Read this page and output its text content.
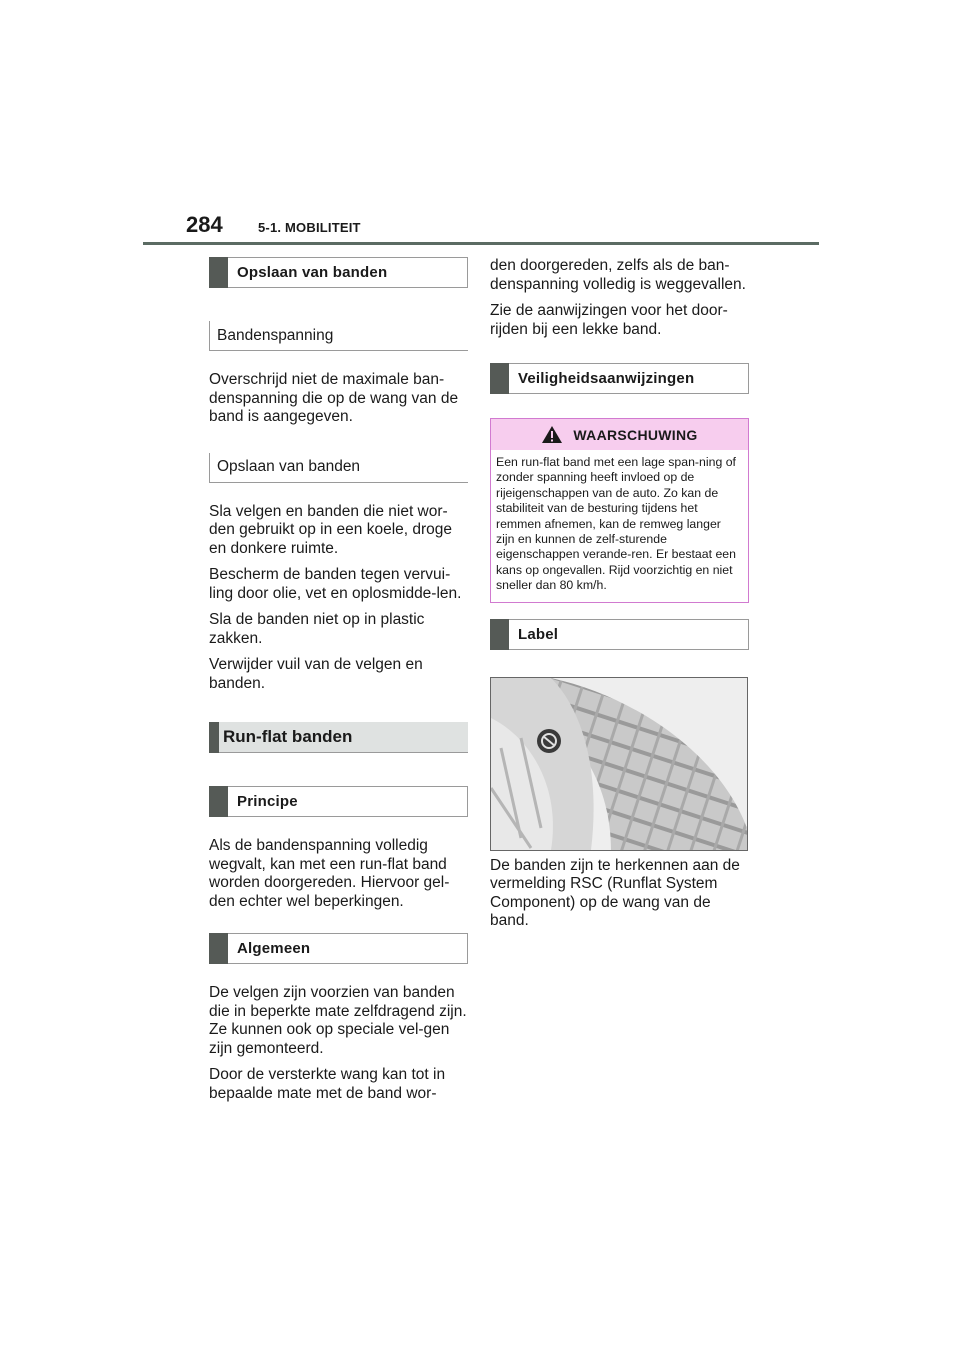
284	5-1. MOBILITEIT
Opslaan van banden
Bandenspanning

Overschrijd niet de maximale ban-denspanning die op de wang van de band is aangegeven.

Opslaan van banden

Sla velgen en banden die niet wor-den gebruikt op in een koele, droge en donkere ruimte.

Bescherm de banden tegen vervui-ling door olie, vet en oplosmidde-len.

Sla de banden niet op in plastic zakken.

Verwijder vuil van de velgen en banden.

Run-flat banden
Principe

Als de bandenspanning volledig wegvalt, kan met een run-flat band worden doorgereden. Hiervoor gel-den echter wel beperkingen.

Algemeen

De velgen zijn voorzien van banden die in beperkte mate zelfdragend zijn. Ze kunnen ook op speciale vel-gen zijn gemonteerd.

Door de versterkte wang kan tot in bepaalde mate met de band wor-

den doorgereden, zelfs als de ban-denspanning volledig is weggevallen.

Zie de aanwijzingen voor het door-rijden bij een lekke band.

Veiligheidsaanwijzingen
WAARSCHUWING
Een run-flat band met een lage span-ning of zonder spanning heeft invloed op de rijeigenschappen van de auto. Zo kan de stabiliteit van de besturing tijdens het remmen afnemen, kan de remweg langer zijn en kunnen de zelf-sturende eigenschappen verande-ren. Er bestaat een kans op ongevallen. Rijd voorzichtig en niet sneller dan 80 km/h.
Label

De banden zijn te herkennen aan de vermelding RSC (Runflat System Component) op de wang van de band.
